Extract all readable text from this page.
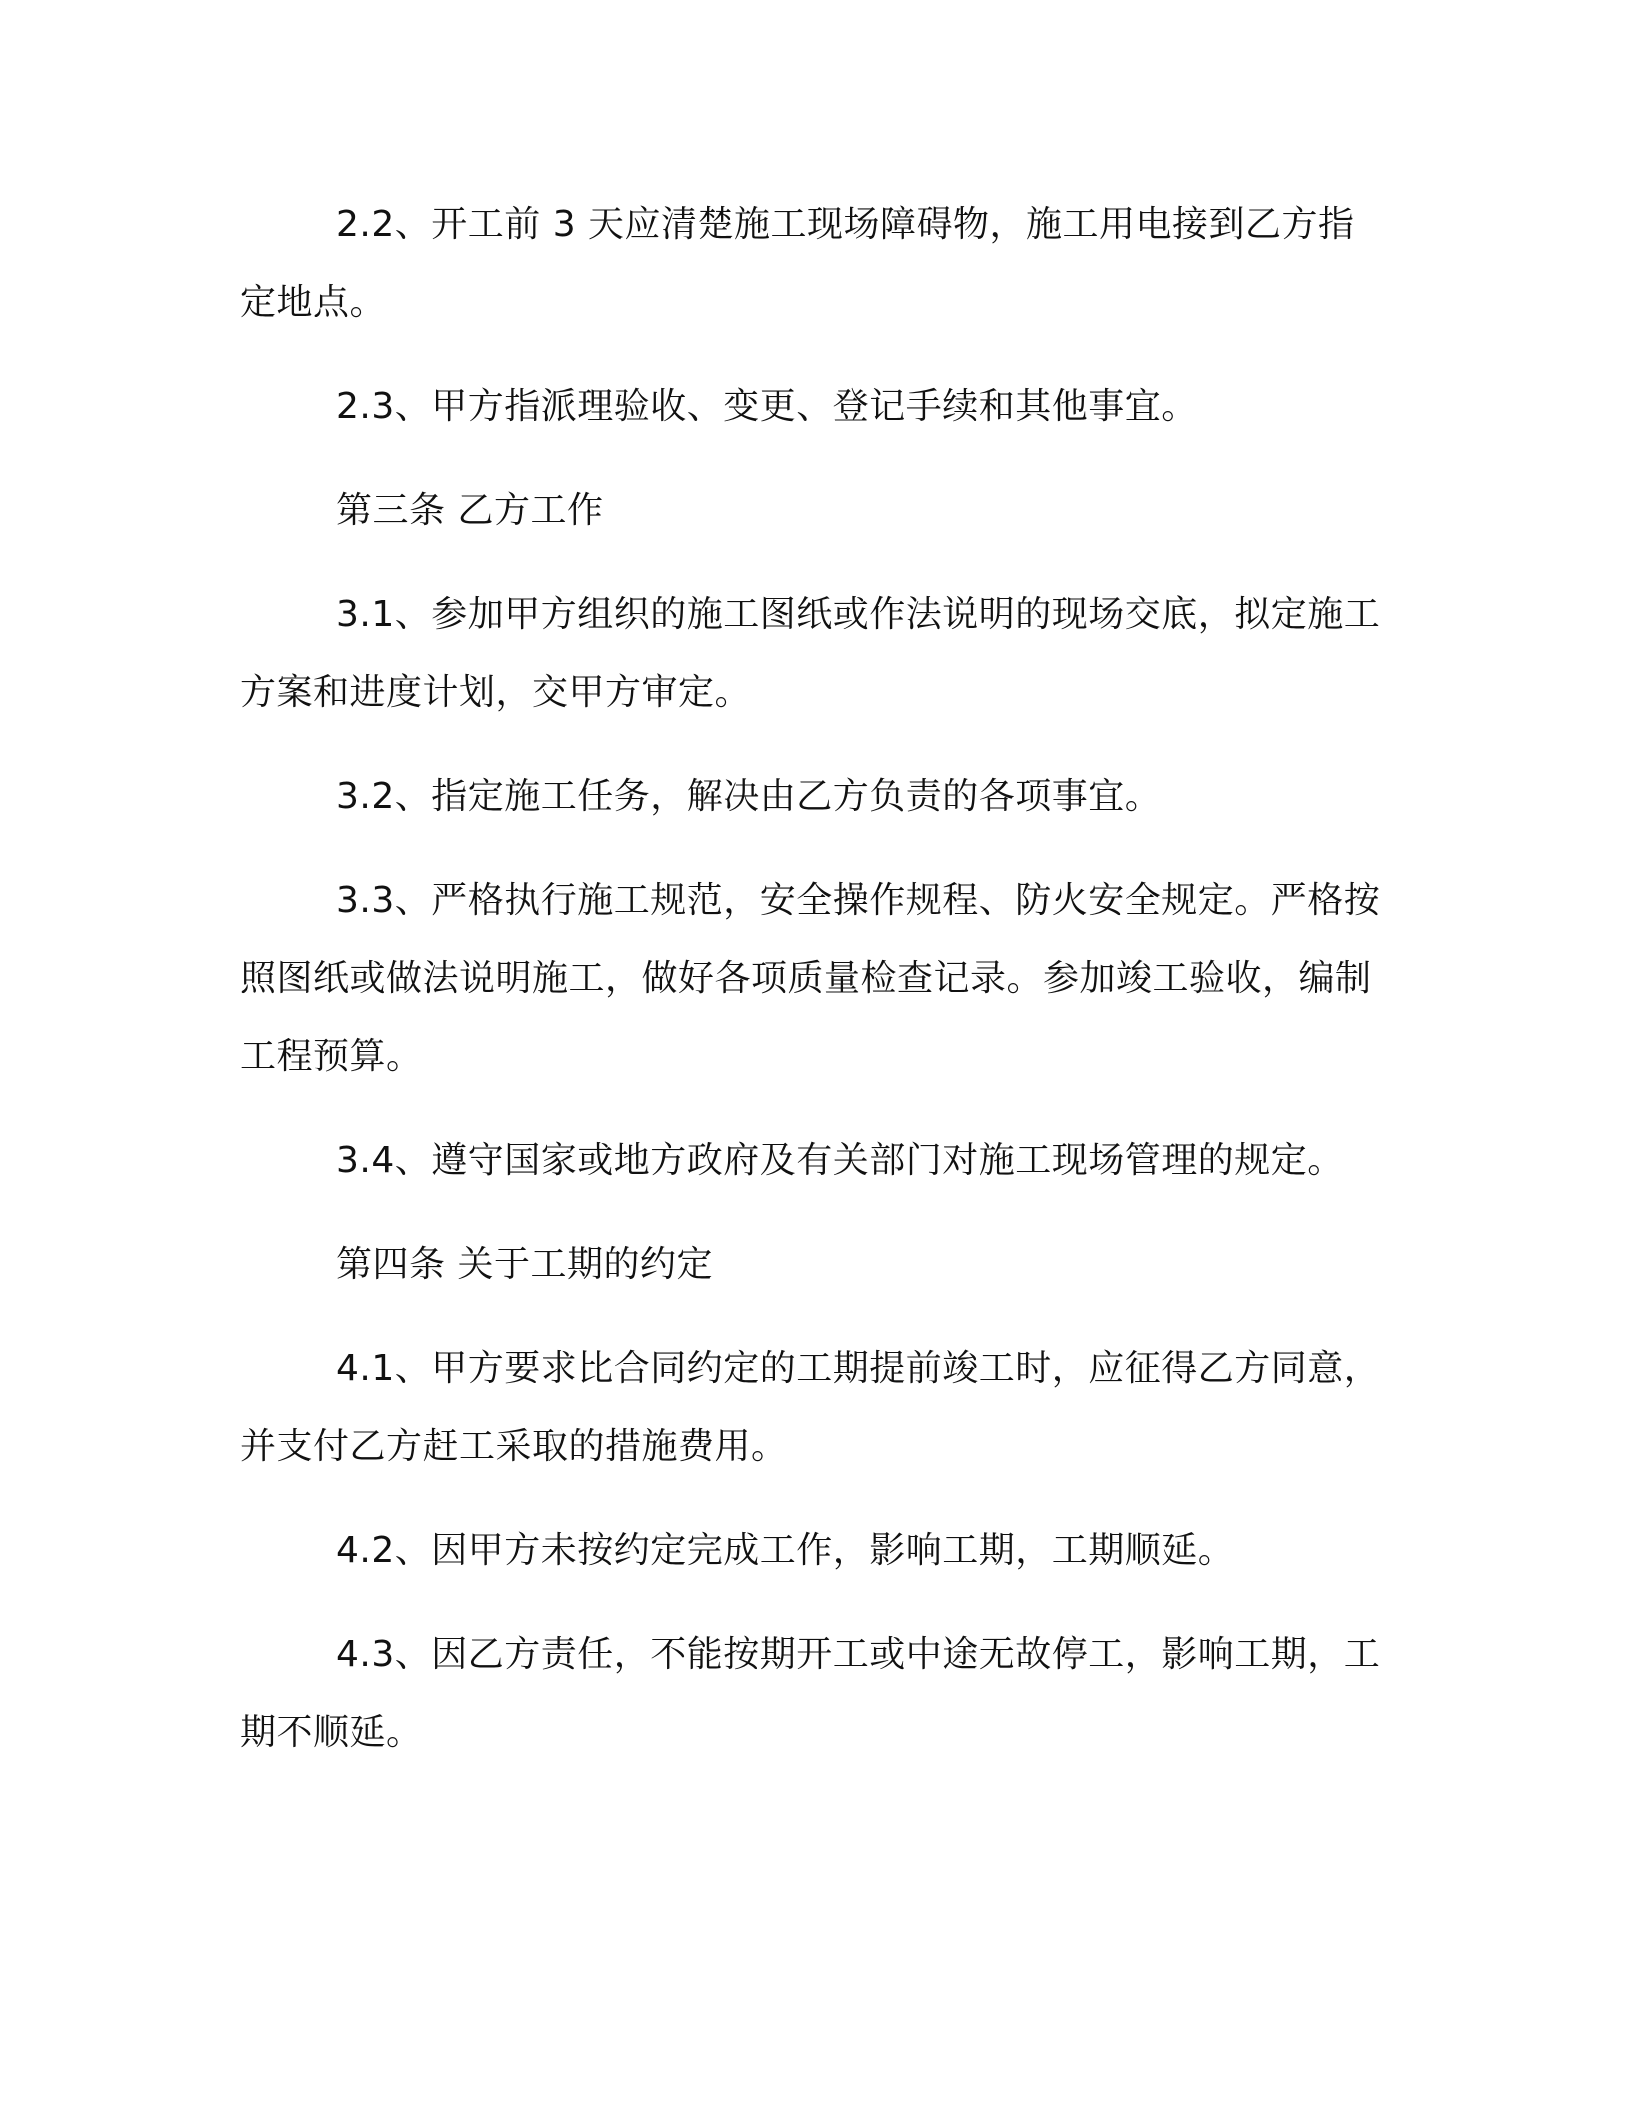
2.2、开工前 3 天应清楚施工现场障碍物，施工用电接到乙方指定地点。

2.3、甲方指派理验收、变更、登记手续和其他事宜。

第三条 乙方工作

3.1、参加甲方组织的施工图纸或作法说明的现场交底，拟定施工方案和进度计划，交甲方审定。

3.2、指定施工任务，解决由乙方负责的各项事宜。

3.3、严格执行施工规范，安全操作规程、防火安全规定。严格按照图纸或做法说明施工，做好各项质量检查记录。参加竣工验收，编制工程预算。

3.4、遵守国家或地方政府及有关部门对施工现场管理的规定。

第四条 关于工期的约定

4.1、甲方要求比合同约定的工期提前竣工时，应征得乙方同意，并支付乙方赶工采取的措施费用。

4.2、因甲方未按约定完成工作，影响工期，工期顺延。

4.3、因乙方责任，不能按期开工或中途无故停工，影响工期，工期不顺延。
